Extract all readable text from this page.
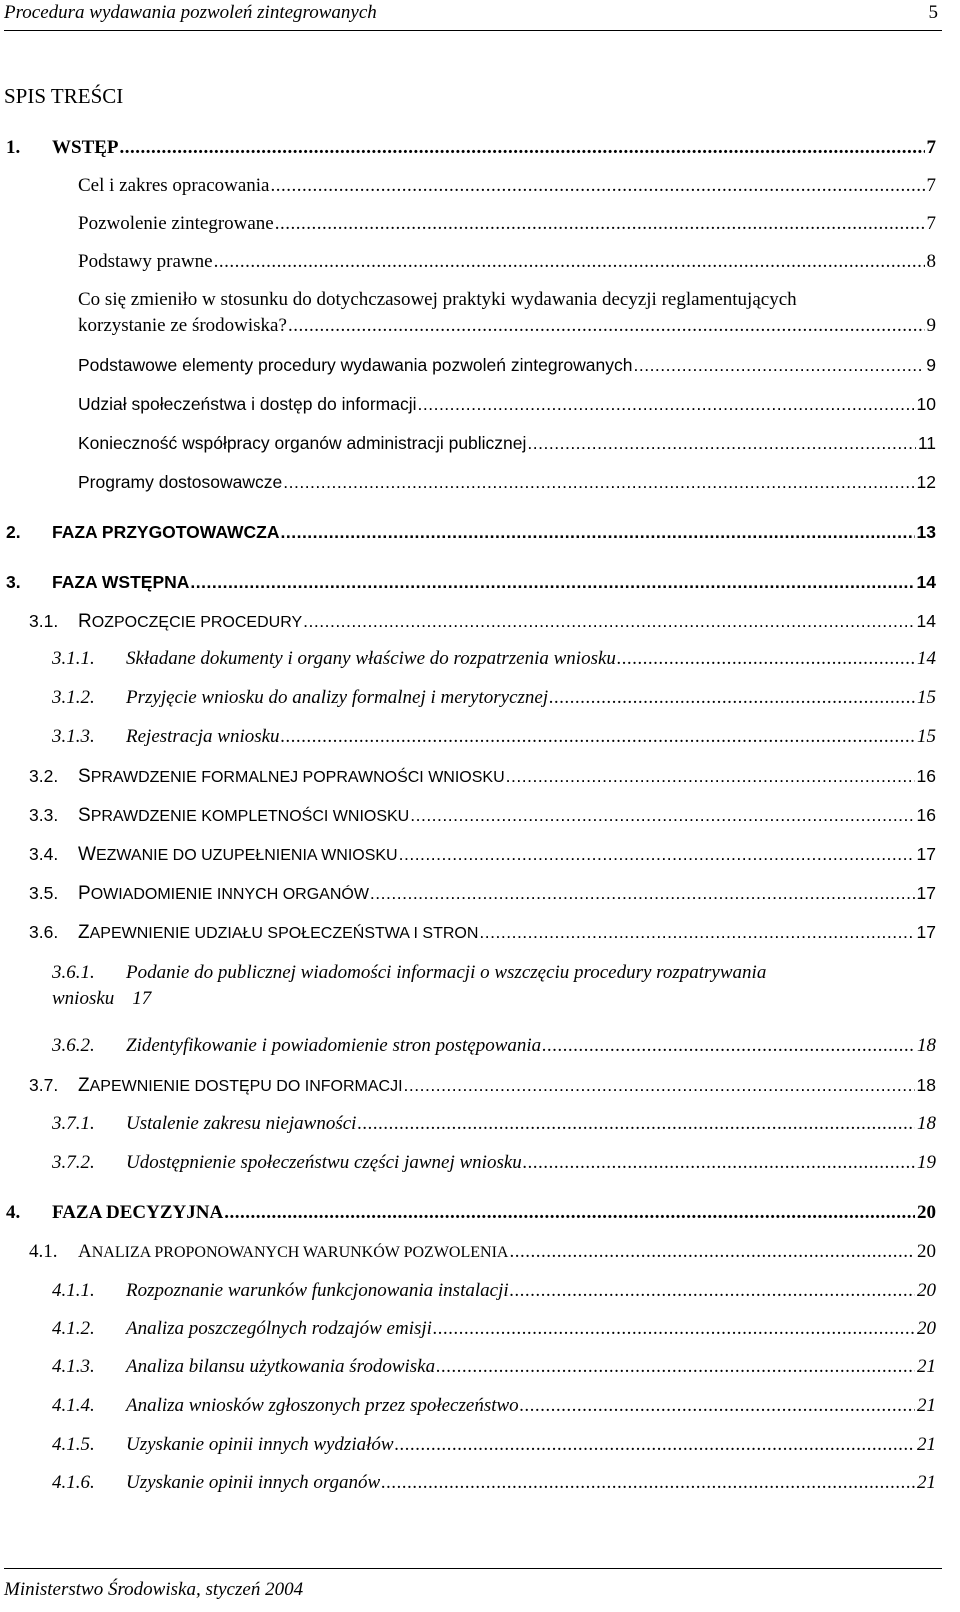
Procedura wydawania pozwoleń zintegrowanych	5
SPIS TREŚCI
1.	WSTĘP .....	7
Cel i zakres opracowania .....	7
Pozwolenie zintegrowane .....	7
Podstawy prawne .....	8
Co się zmieniło w stosunku do dotychczasowej praktyki wydawania decyzji reglamentujących
korzystanie ze środowiska? .....	9
Podstawowe elementy procedury wydawania pozwoleń zintegrowanych .....	9
Udział społeczeństwa i dostęp do informacji .....	10
Konieczność współpracy organów administracji publicznej .....	11
Programy dostosowawcze .....	12
2.	FAZA PRZYGOTOWAWCZA .....	13
3.	FAZA WSTĘPNA .....	14
3.1.	ROZPOCZĘCIE PROCEDURY .....	14
3.1.1.	Składane dokumenty i organy właściwe do rozpatrzenia wniosku .....	14
3.1.2.	Przyjęcie wniosku do analizy formalnej i merytorycznej .....	15
3.1.3.	Rejestracja wniosku .....	15
3.2.	SPRAWDZENIE FORMALNEJ POPRAWNOŚCI WNIOSKU .....	16
3.3.	SPRAWDZENIE KOMPLETNOŚCI WNIOSKU .....	16
3.4.	WEZWANIE DO UZUPEŁNIENIA WNIOSKU .....	17
3.5.	POWIADOMIENIE INNYCH ORGANÓW .....	17
3.6.	ZAPEWNIENIE UDZIAŁU SPOŁECZEŃSTWA I STRON .....	17
3.6.1. Podanie do publicznej wiadomości informacji o wszczęciu procedury rozpatrywania
wniosku 17
3.6.2.	Zidentyfikowanie i powiadomienie stron postępowania .....	18
3.7.	ZAPEWNIENIE DOSTĘPU DO INFORMACJI .....	18
3.7.1.	Ustalenie zakresu niejawności .....	18
3.7.2.	Udostępnienie społeczeństwu części jawnej wniosku .....	19
4.	FAZA DECYZYJNA .....	20
4.1.	ANALIZA PROPONOWANYCH WARUNKÓW POZWOLENIA .....	20
4.1.1.	Rozpoznanie warunków funkcjonowania instalacji .....	20
4.1.2.	Analiza poszczególnych rodzajów emisji .....	20
4.1.3.	Analiza bilansu użytkowania środowiska .....	21
4.1.4.	Analiza wniosków zgłoszonych przez społeczeństwo .....	21
4.1.5.	Uzyskanie opinii innych wydziałów .....	21
4.1.6.	Uzyskanie opinii innych organów .....	21
Ministerstwo Środowiska, styczeń 2004
